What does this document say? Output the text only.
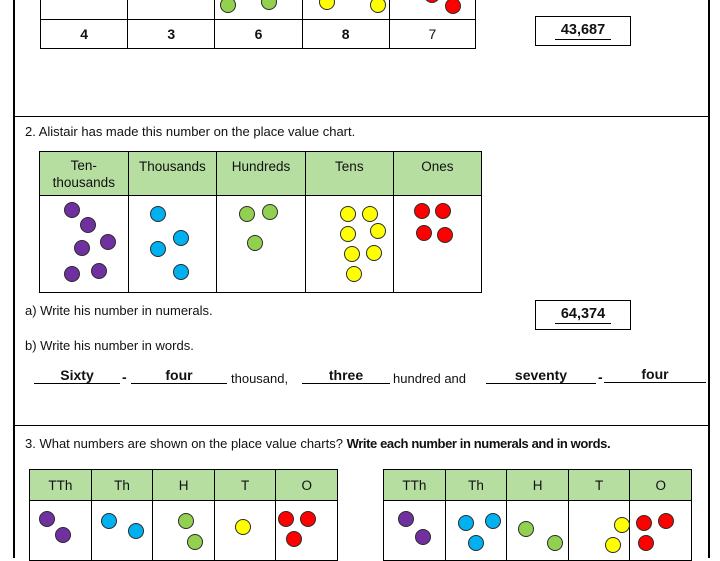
4	3	6	8	7	43,687
2. Alistair has made this number on the place value chart.
Ten-
thousands	Thousands	Hundreds	Tens	Ones

a) Write his number in numerals.	64,374
b) Write his number in words.
Sixty	-	four	thousand,	three	hundred and	seventy	-	four
3. What numbers are shown on the place value charts? Write each number in numerals and in words.
TTh	Th	H	T	O

		TTh	Th	H	T	O
